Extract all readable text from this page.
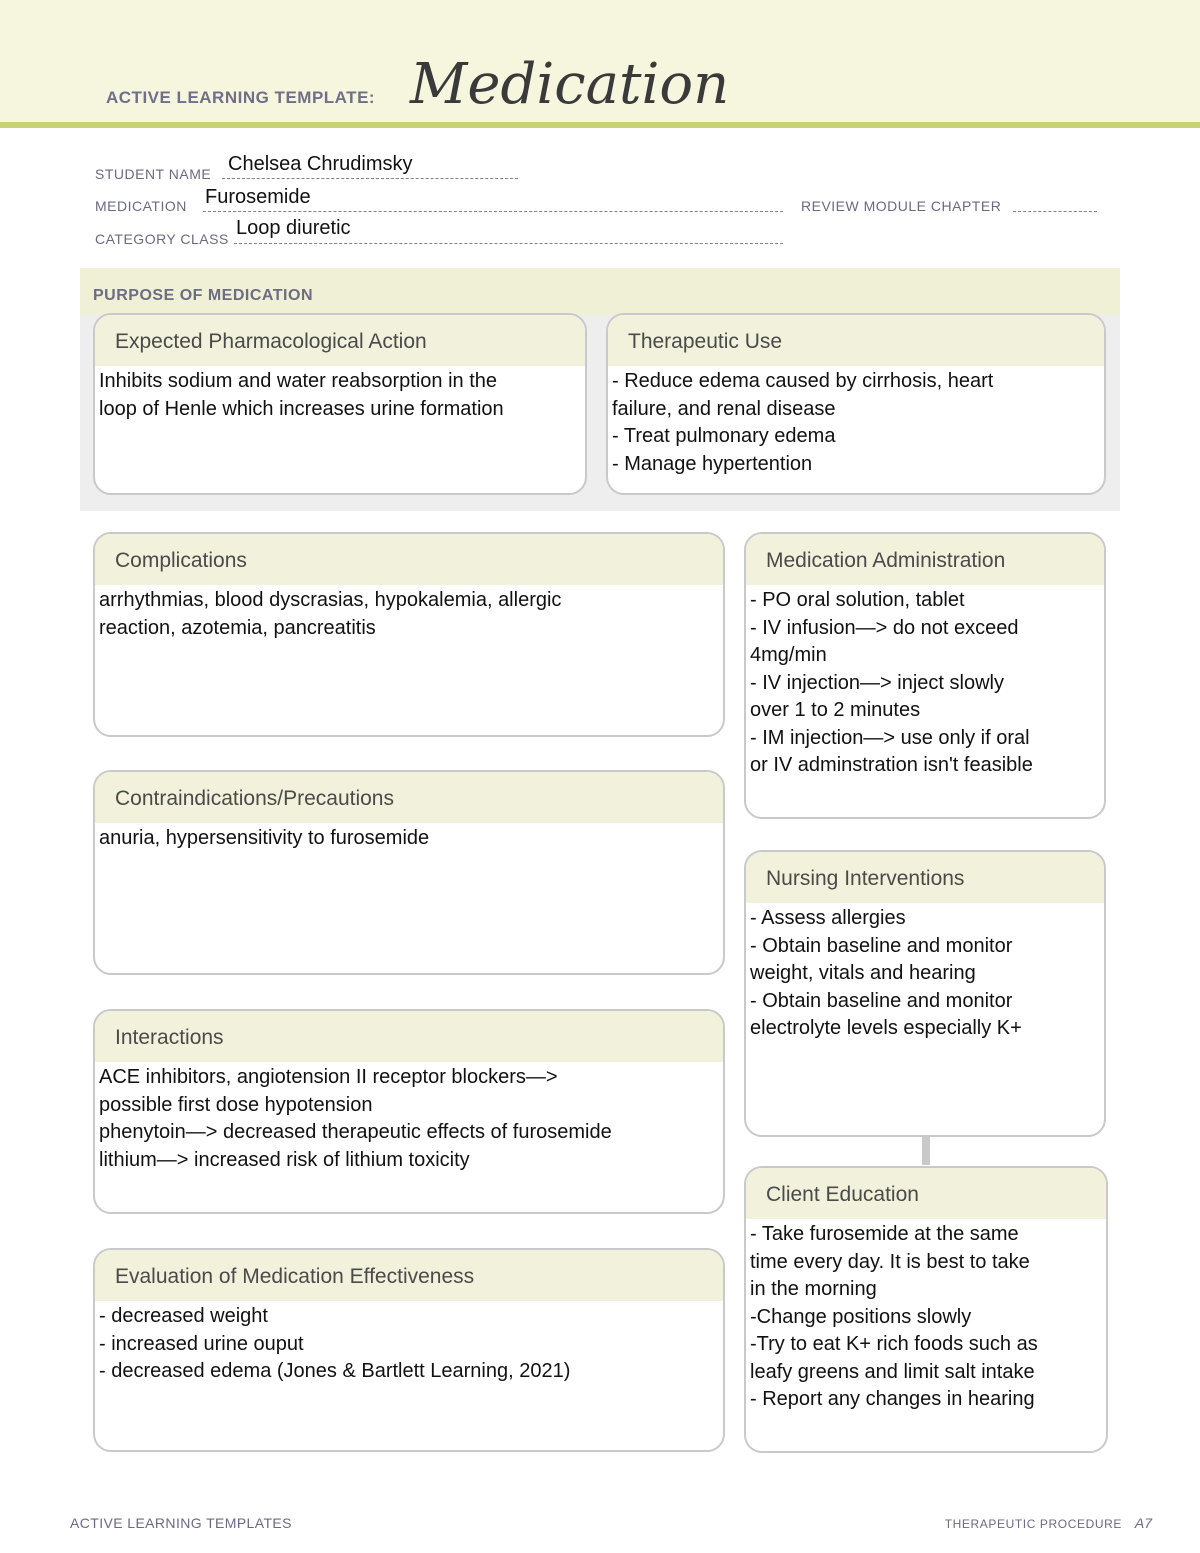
ACTIVE LEARNING TEMPLATE: Medication
STUDENT NAME Chelsea Chrudimsky
MEDICATION Furosemide	REVIEW MODULE CHAPTER
CATEGORY CLASS Loop diuretic
PURPOSE OF MEDICATION
Expected Pharmacological Action
Inhibits sodium and water reabsorption in the
loop of Henle which increases urine formation
Therapeutic Use
- Reduce edema caused by cirrhosis, heart
failure, and renal disease
- Treat pulmonary edema
- Manage hypertention
Complications
arrhythmias, blood dyscrasias, hypokalemia, allergic
reaction, azotemia, pancreatitis
Contraindications/Precautions
anuria, hypersensitivity to furosemide
Interactions
ACE inhibitors, angiotension II receptor blockers—>
possible first dose hypotension
phenytoin—> decreased therapeutic effects of furosemide
lithium—> increased risk of lithium toxicity
Evaluation of Medication Effectiveness
- decreased weight
- increased urine ouput
- decreased edema (Jones & Bartlett Learning, 2021)
Medication Administration
- PO oral solution, tablet
- IV infusion—> do not exceed
4mg/min
- IV injection—> inject slowly
over 1 to 2 minutes
- IM injection—> use only if oral
or IV adminstration isn't feasible
Nursing Interventions
- Assess allergies
- Obtain baseline and monitor
weight, vitals and hearing
- Obtain baseline and monitor
electrolyte levels especially K+
Client Education
- Take furosemide at the same
time every day. It is best to take
in the morning
-Change positions slowly
-Try to eat K+ rich foods such as
leafy greens and limit salt intake
- Report any changes in hearing
ACTIVE LEARNING TEMPLATES	THERAPEUTIC PROCEDURE A7
